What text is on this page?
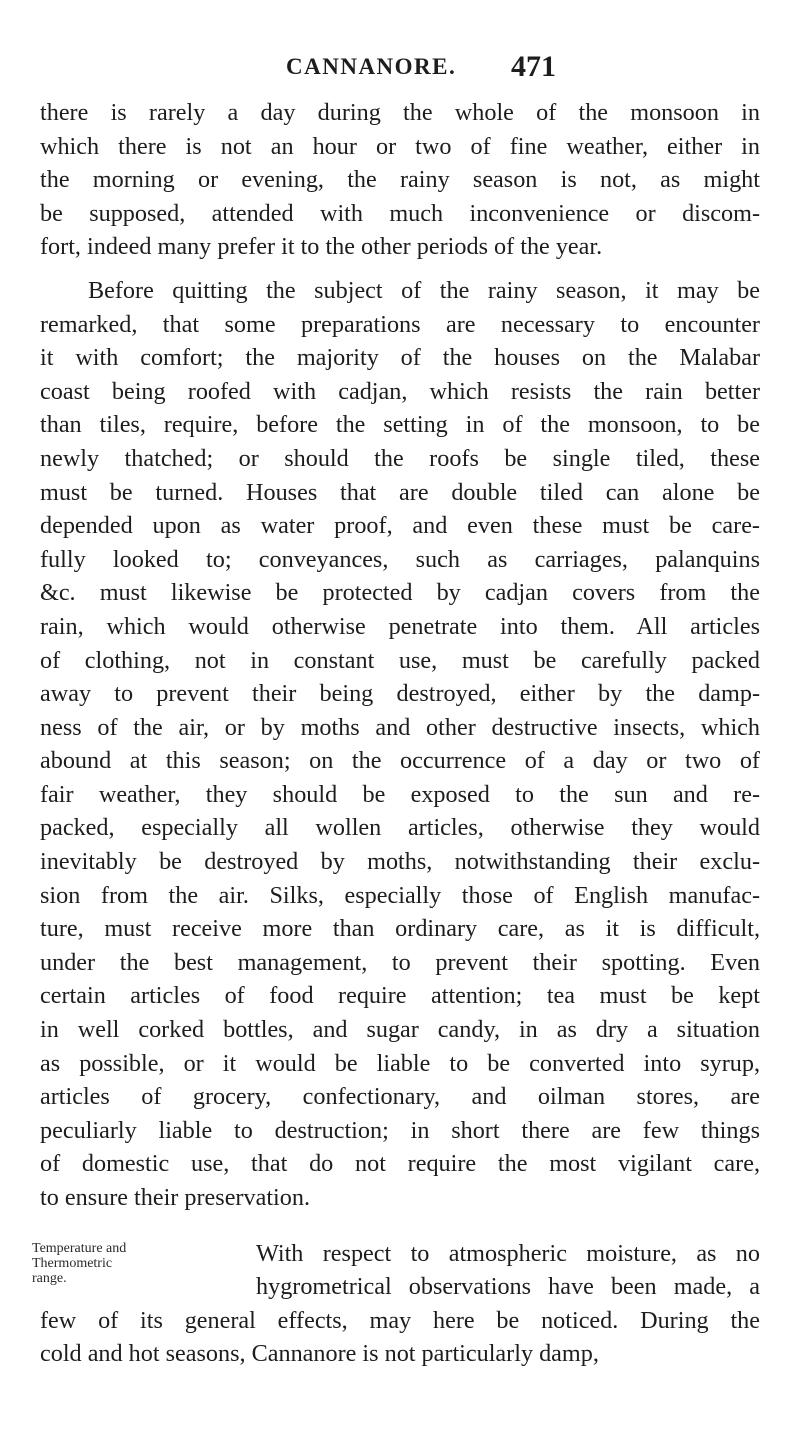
CANNANORE. 471
there is rarely a day during the whole of the monsoon in
which there is not an hour or two of fine weather, either in
the morning or evening, the rainy season is not, as might
be supposed, attended with much inconvenience or discom-
fort, indeed many prefer it to the other periods of the year.
Before quitting the subject of the rainy season, it may be
remarked, that some preparations are necessary to encounter
it with comfort; the majority of the houses on the Malabar
coast being roofed with cadjan, which resists the rain better
than tiles, require, before the setting in of the monsoon, to be
newly thatched; or should the roofs be single tiled, these
must be turned. Houses that are double tiled can alone be
depended upon as water proof, and even these must be care-
fully looked to; conveyances, such as carriages, palanquins
&c. must likewise be protected by cadjan covers from the
rain, which would otherwise penetrate into them. All articles
of clothing, not in constant use, must be carefully packed
away to prevent their being destroyed, either by the damp-
ness of the air, or by moths and other destructive insects, which
abound at this season; on the occurrence of a day or two of
fair weather, they should be exposed to the sun and re-
packed, especially all wollen articles, otherwise they would
inevitably be destroyed by moths, notwithstanding their exclu-
sion from the air. Silks, especially those of English manufac-
ture, must receive more than ordinary care, as it is difficult,
under the best management, to prevent their spotting. Even
certain articles of food require attention; tea must be kept
in well corked bottles, and sugar candy, in as dry a situation
as possible, or it would be liable to be converted into syrup,
articles of grocery, confectionary, and oilman stores, are
peculiarly liable to destruction; in short there are few things
of domestic use, that do not require the most vigilant care,
to ensure their preservation.
Temperature and
Thermometric
range.
With respect to atmospheric moisture, as no
hygrometrical observations have been made, a
few of its general effects, may here be noticed. During the
cold and hot seasons, Cannanore is not particularly damp,
